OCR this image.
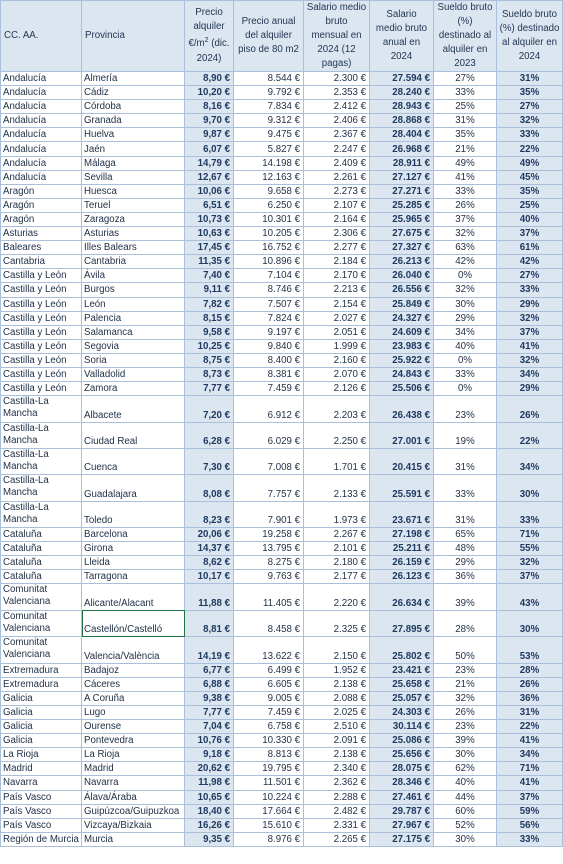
CC. AA.	Provincia	Precio alquiler $€/m^2$ (dic. 2024)	Precio anual del alquiler piso de 80 m2	Salario medio bruto mensual en 2024 (12 pagas)	Salario medio bruto anual en 2024	Sueldo bruto (%) destinado al alquiler en 2023	Sueldo bruto (%) destinado al alquiler en 2024
Andalucía	Almería	8,90 €	8.544 €	2.300 €	27.594 €	27%	31%
Andalucía	Cádiz	10,20 €	9.792 €	2.353 €	28.240 €	33%	35%
Andalucía	Córdoba	8,16 €	7.834 €	2.412 €	28.943 €	25%	27%
Andalucía	Granada	9,70 €	9.312 €	2.406 €	28.868 €	31%	32%
Andalucía	Huelva	9,87 €	9.475 €	2.367 €	28.404 €	35%	33%
Andalucía	Jaén	6,07 €	5.827 €	2.247 €	26.968 €	21%	22%
Andalucía	Málaga	14,79 €	14.198 €	2.409 €	28.911 €	49%	49%
Andalucía	Sevilla	12,67 €	12.163 €	2.261 €	27.127 €	41%	45%
Aragón	Huesca	10,06 €	9.658 €	2.273 €	27.271 €	33%	35%
Aragón	Teruel	6,51 €	6.250 €	2.107 €	25.285 €	26%	25%
Aragón	Zaragoza	10,73 €	10.301 €	2.164 €	25.965 €	37%	40%
Asturias	Asturias	10,63 €	10.205 €	2.306 €	27.675 €	32%	37%
Baleares	Illes Balears	17,45 €	16.752 €	2.277 €	27.327 €	63%	61%
Cantabria	Cantabria	11,35 €	10.896 €	2.184 €	26.213 €	42%	42%
Castilla y León	Ávila	7,40 €	7.104 €	2.170 €	26.040 €	0%	27%
Castilla y León	Burgos	9,11 €	8.746 €	2.213 €	26.556 €	32%	33%
Castilla y León	León	7,82 €	7.507 €	2.154 €	25.849 €	30%	29%
Castilla y León	Palencia	8,15 €	7.824 €	2.027 €	24.327 €	29%	32%
Castilla y León	Salamanca	9,58 €	9.197 €	2.051 €	24.609 €	34%	37%
Castilla y León	Segovia	10,25 €	9.840 €	1.999 €	23.983 €	40%	41%
Castilla y León	Soria	8,75 €	8.400 €	2.160 €	25.922 €	0%	32%
Castilla y León	Valladolid	8,73 €	8.381 €	2.070 €	24.843 €	33%	34%
Castilla y León	Zamora	7,77 €	7.459 €	2.126 €	25.506 €	0%	29%
Castilla-La Mancha	Albacete	7,20 €	6.912 €	2.203 €	26.438 €	23%	26%
Castilla-La Mancha	Ciudad Real	6,28 €	6.029 €	2.250 €	27.001 €	19%	22%
Castilla-La Mancha	Cuenca	7,30 €	7.008 €	1.701 €	20.415 €	31%	34%
Castilla-La Mancha	Guadalajara	8,08 €	7.757 €	2.133 €	25.591 €	33%	30%
Castilla-La Mancha	Toledo	8,23 €	7.901 €	1.973 €	23.671 €	31%	33%
Cataluña	Barcelona	20,06 €	19.258 €	2.267 €	27.198 €	65%	71%
Cataluña	Girona	14,37 €	13.795 €	2.101 €	25.211 €	48%	55%
Cataluña	Lleida	8,62 €	8.275 €	2.180 €	26.159 €	29%	32%
Cataluña	Tarragona	10,17 €	9.763 €	2.177 €	26.123 €	36%	37%
Comunitat Valenciana	Alicante/Alacant	11,88 €	11.405 €	2.220 €	26.634 €	39%	43%
Comunitat Valenciana	Castellón/Castelló	8,81 €	8.458 €	2.325 €	27.895 €	28%	30%
Comunitat Valenciana	Valencia/València	14,19 €	13.622 €	2.150 €	25.802 €	50%	53%
Extremadura	Badajoz	6,77 €	6.499 €	1.952 €	23.421 €	23%	28%
Extremadura	Cáceres	6,88 €	6.605 €	2.138 €	25.658 €	21%	26%
Galicia	A Coruña	9,38 €	9.005 €	2.088 €	25.057 €	32%	36%
Galicia	Lugo	7,77 €	7.459 €	2.025 €	24.303 €	26%	31%
Galicia	Ourense	7,04 €	6.758 €	2.510 €	30.114 €	23%	22%
Galicia	Pontevedra	10,76 €	10.330 €	2.091 €	25.086 €	39%	41%
La Rioja	La Rioja	9,18 €	8.813 €	2.138 €	25.656 €	30%	34%
Madrid	Madrid	20,62 €	19.795 €	2.340 €	28.075 €	62%	71%
Navarra	Navarra	11,98 €	11.501 €	2.362 €	28.346 €	40%	41%
País Vasco	Álava/Áraba	10,65 €	10.224 €	2.288 €	27.461 €	44%	37%
País Vasco	Guipúzcoa/Guipuzkoa	18,40 €	17.664 €	2.482 €	29.787 €	60%	59%
País Vasco	Vizcaya/Bizkaia	16,26 €	15.610 €	2.331 €	27.967 €	52%	56%
Región de Murcia	Murcia	9,35 €	8.976 €	2.265 €	27.175 €	30%	33%
